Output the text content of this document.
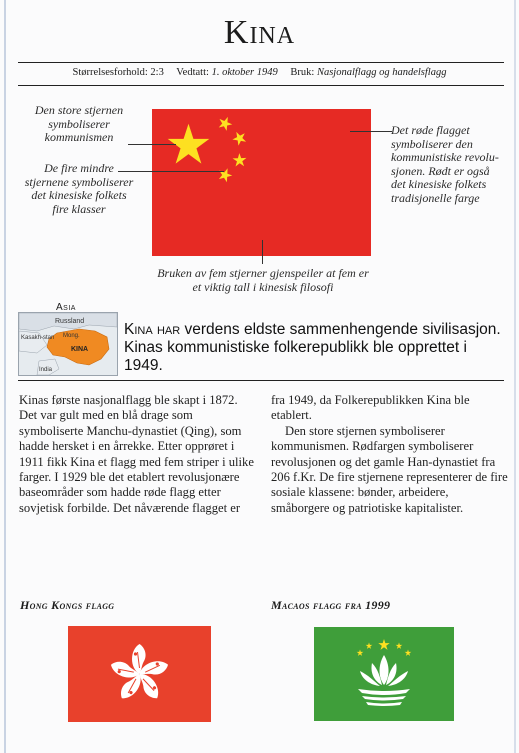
Kina
Størrelsesforhold: 2:3 Vedtatt: 1. oktober 1949 Bruk: Nasjonalflagg og handelsflagg
Den store stjernen symboliserer kommunismen
De fire mindre stjernene symboliserer det kinesiske folkets fire klasser
Det røde flagget symboliserer den kommunistiske revolusjonen. Rødt er også det kinesiske folkets tradisjonelle farge
Bruken av fem stjerner gjenspeiler at fem er et viktig tall i kinesisk filosofi
Asia
Russland
Kasakh-stan Mong.
KINA
India
Kina har verdens eldste sammenhengende sivilisasjon. Kinas kommunistiske folkerepublikk ble opprettet i 1949.

Kinas første nasjonalflagg ble skapt i 1872. Det var gult med en blå drage som symboliserte Manchu-dynastiet (Qing), som hadde hersket i en årrekke. Etter opprøret i 1911 fikk Kina et flagg med fem striper i ulike farger. I 1929 ble det etablert revolusjonære baseområder som hadde røde flagg etter sovjetisk forbilde. Det nåværende flagget er

fra 1949, da Folkerepublikken Kina ble etablert.

Den store stjernen symboliserer kommunismen. Rødfargen symboliserer revolusjonen og det gamle Han-dynastiet fra 206 f.Kr. De fire stjernene representerer de fire sosiale klassene: bønder, arbeidere, småborgere og patriotiske kapitalister.

Hong Kongs flagg	Macaos flagg fra 1999
